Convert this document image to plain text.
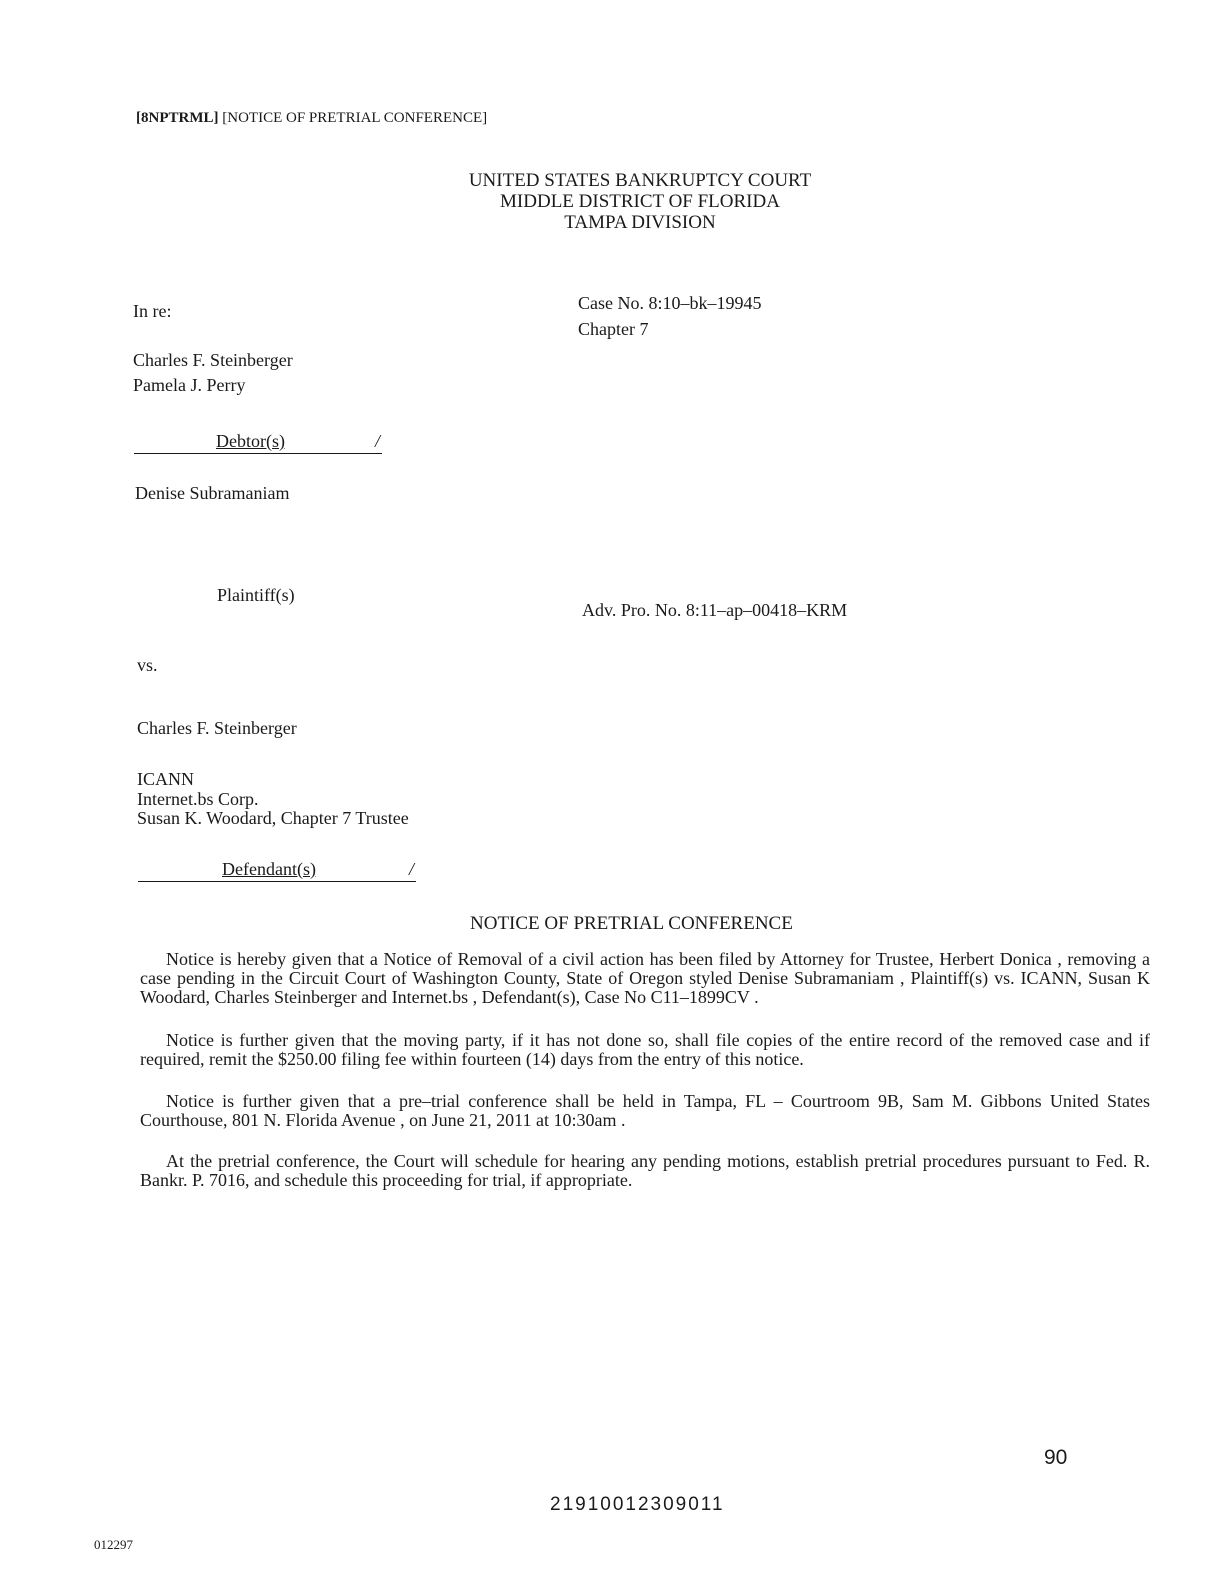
[8NPTRML] [NOTICE OF PRETRIAL CONFERENCE]
UNITED STATES BANKRUPTCY COURT
MIDDLE DISTRICT OF FLORIDA
TAMPA DIVISION
In re:	Case No. 8:10–bk–19945
Chapter 7
Charles F. Steinberger
Pamela J. Perry
Debtor(s)	/
Denise Subramaniam
Plaintiff(s)
Adv. Pro. No. 8:11–ap–00418–KRM
vs.
Charles F. Steinberger
ICANN
Internet.bs Corp.
Susan K. Woodard, Chapter 7 Trustee
Defendant(s)	/
NOTICE OF PRETRIAL CONFERENCE
Notice is hereby given that a Notice of Removal of a civil action has been filed by Attorney for Trustee, Herbert Donica , removing a case pending in the Circuit Court of Washington County, State of Oregon styled Denise Subramaniam , Plaintiff(s) vs. ICANN, Susan K Woodard, Charles Steinberger and Internet.bs , Defendant(s), Case No C11–1899CV .
Notice is further given that the moving party, if it has not done so, shall file copies of the entire record of the removed case and if required, remit the $250.00 filing fee within fourteen (14) days from the entry of this notice.
Notice is further given that a pre–trial conference shall be held in Tampa, FL – Courtroom 9B, Sam M. Gibbons United States Courthouse, 801 N. Florida Avenue , on June 21, 2011 at 10:30am .
At the pretrial conference, the Court will schedule for hearing any pending motions, establish pretrial procedures pursuant to Fed. R. Bankr. P. 7016, and schedule this proceeding for trial, if appropriate.
90
21910012309011
012297
